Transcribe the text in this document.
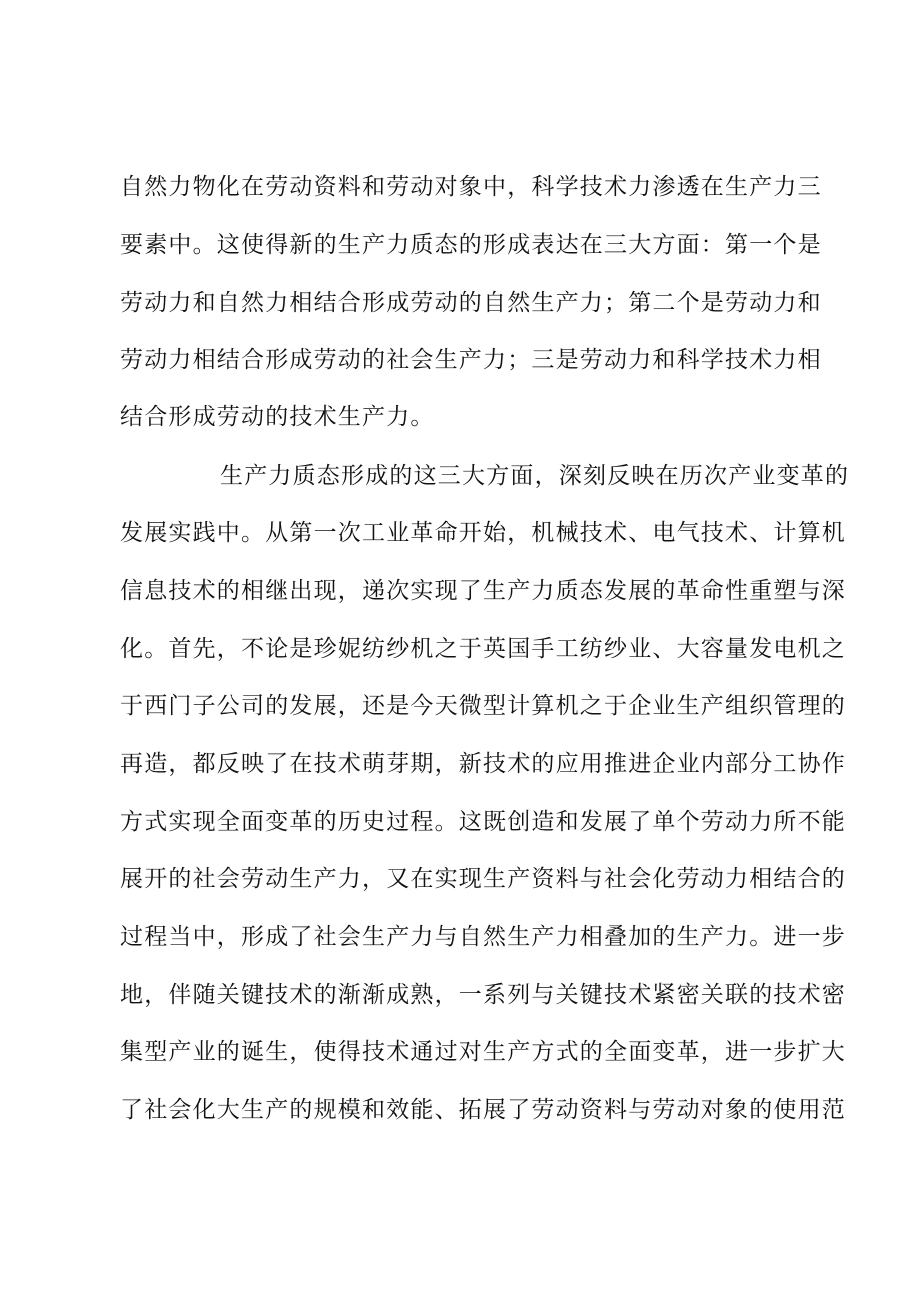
自然力物化在劳动资料和劳动对象中，科学技术力渗透在生产力三
要素中。这使得新的生产力质态的形成表达在三大方面：第一个是
劳动力和自然力相结合形成劳动的自然生产力；第二个是劳动力和
劳动力相结合形成劳动的社会生产力；三是劳动力和科学技术力相
结合形成劳动的技术生产力。
生产力质态形成的这三大方面，深刻反映在历次产业变革的
发展实践中。从第一次工业革命开始，机械技术、电气技术、计算机
信息技术的相继出现，递次实现了生产力质态发展的革命性重塑与深
化。首先，不论是珍妮纺纱机之于英国手工纺纱业、大容量发电机之
于西门子公司的发展，还是今天微型计算机之于企业生产组织管理的
再造，都反映了在技术萌芽期，新技术的应用推进企业内部分工协作
方式实现全面变革的历史过程。这既创造和发展了单个劳动力所不能
展开的社会劳动生产力，又在实现生产资料与社会化劳动力相结合的
过程当中，形成了社会生产力与自然生产力相叠加的生产力。进一步
地，伴随关键技术的渐渐成熟，一系列与关键技术紧密关联的技术密
集型产业的诞生，使得技术通过对生产方式的全面变革，进一步扩大
了社会化大生产的规模和效能、拓展了劳动资料与劳动对象的使用范
